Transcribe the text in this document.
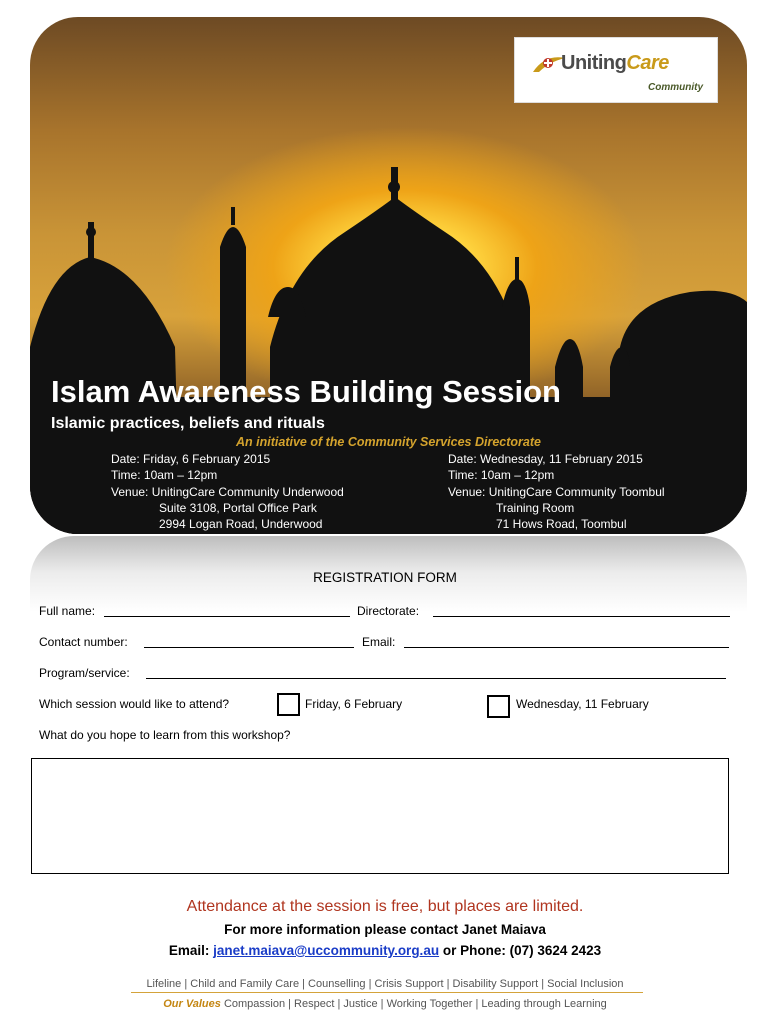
UnitingCare
Community
Islam Awareness Building Session
Islamic practices, beliefs and rituals
An initiative of the Community Services Directorate
Date: Friday, 6 February 2015
Time: 10am – 12pm
Venue: UnitingCare Community Underwood
Suite 3108, Portal Office Park
2994 Logan Road, Underwood
Date: Wednesday, 11 February 2015
Time: 10am – 12pm
Venue: UnitingCare Community Toombul
Training Room
71 Hows Road, Toombul
REGISTRATION FORM
Full name:	Directorate:
Contact number:	Email:
Program/service:
Which session would like to attend?	Friday, 6 February	Wednesday, 11 February
What do you hope to learn from this workshop?
Attendance at the session is free, but places are limited.
For more information please contact Janet Maiava
Email: janet.maiava@uccommunity.org.au or Phone: (07) 3624 2423
Lifeline | Child and Family Care | Counselling | Crisis Support | Disability Support | Social Inclusion
Our Values Compassion | Respect | Justice | Working Together | Leading through Learning
